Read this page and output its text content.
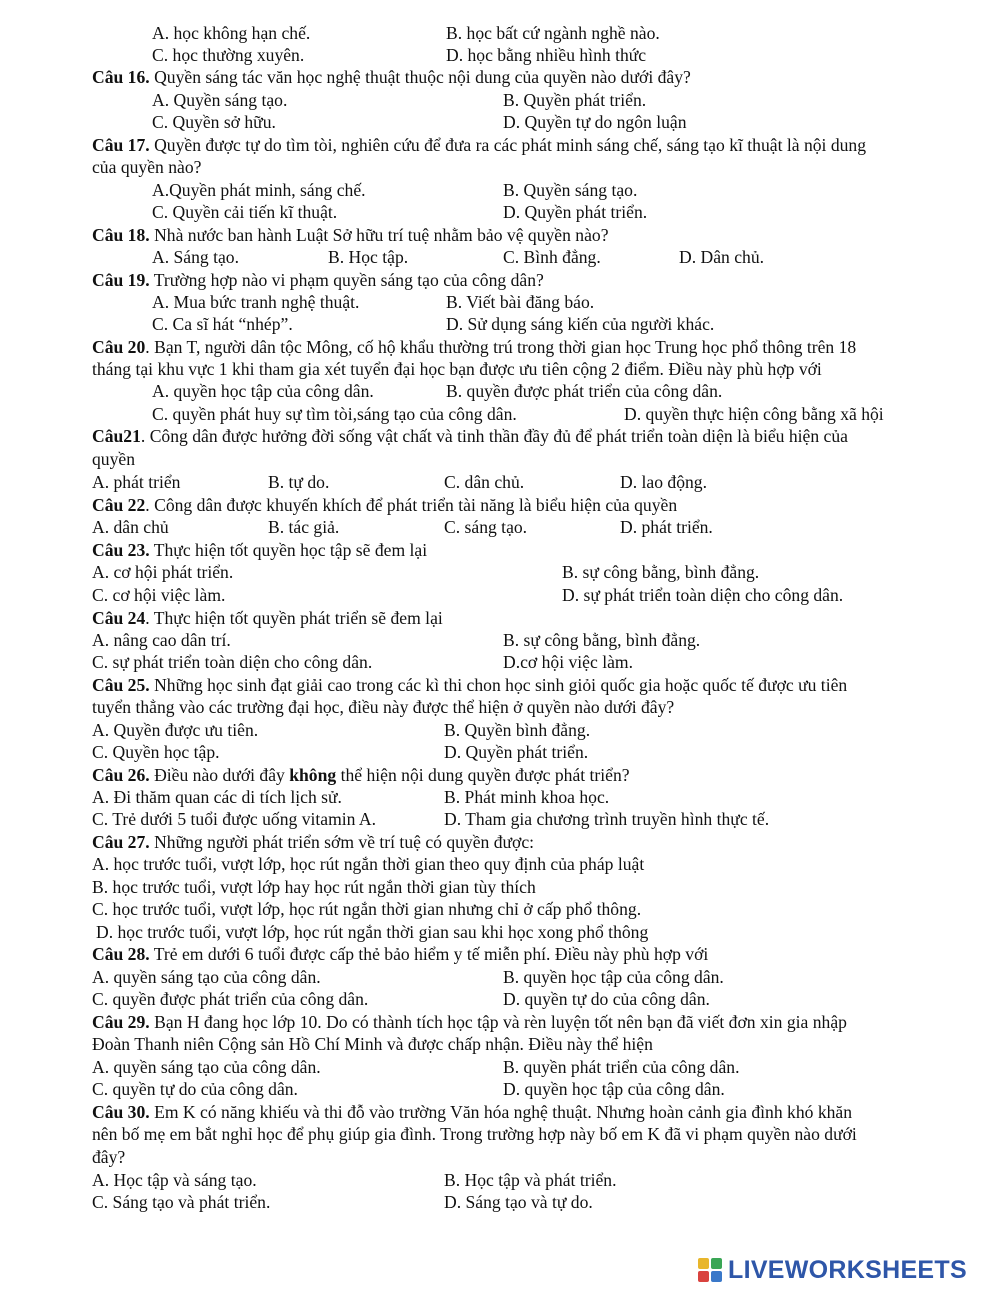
A. học không hạn chế.	B. học bất cứ ngành nghề nào.
C. học thường xuyên.	D. học bằng nhiều hình thức
Câu 16. Quyền sáng tác văn học nghệ thuật thuộc nội dung của quyền nào dưới đây?
A. Quyền sáng tạo.	B. Quyền phát triển.
C. Quyền sở hữu.	D. Quyền tự do ngôn luận
Câu 17. Quyền được tự do tìm tòi, nghiên cứu để đưa ra các phát minh sáng chế, sáng tạo kĩ thuật là nội dung
của quyền nào?
A.Quyền phát minh, sáng chế.	B. Quyền sáng tạo.
C. Quyền cải tiến kĩ thuật.	D. Quyền phát triển.
Câu 18. Nhà nước ban hành Luật Sở hữu trí tuệ nhằm bảo vệ quyền nào?
A. Sáng tạo.	B. Học tập.	C. Bình đẳng.	D. Dân chủ.
Câu 19. Trường hợp nào vi phạm quyền sáng tạo của công dân?
A. Mua bức tranh nghệ thuật.	B. Viết bài đăng báo.
C. Ca sĩ hát “nhép”.	D. Sử dụng sáng kiến của người khác.
Câu 20. Bạn T, người dân tộc Mông, cố hộ khẩu thường trú trong thời gian học Trung học phổ thông trên 18
tháng tại khu vực 1 khi tham gia xét tuyển đại học bạn được ưu tiên cộng 2 điểm. Điều này phù hợp với
A. quyền học tập của công dân.	B. quyền được phát triển của công dân.
C. quyền phát huy sự tìm tòi,sáng tạo của công dân.	D. quyền thực hiện công bằng xã hội
Câu21. Công dân được hưởng đời sống vật chất và tinh thần đầy đủ để phát triển toàn diện là biểu hiện của
quyền
A. phát triển	B. tự do.	C. dân chủ.	D. lao động.
Câu 22. Công dân được khuyến khích để phát triển tài năng là biểu hiện của quyền
A. dân chủ	B. tác giả.	C. sáng tạo.	D. phát triển.
Câu 23. Thực hiện tốt quyền học tập sẽ đem lại
A. cơ hội phát triển.	B. sự công bằng, bình đẳng.
C. cơ hội việc làm.	D. sự phát triển toàn diện cho công dân.
Câu 24. Thực hiện tốt quyền phát triển sẽ đem lại
A. nâng cao dân trí.	B. sự công bằng, bình đẳng.
C. sự phát triển toàn diện cho công dân.	D.cơ hội việc làm.
Câu 25. Những học sinh đạt giải cao trong các kì thi chon học sinh giỏi quốc gia hoặc quốc tế được ưu tiên
tuyển thẳng vào các trường đại học, điều này được thể hiện ở quyền nào dưới đây?
A. Quyền được ưu tiên.	B. Quyền bình đẳng.
C. Quyền học tập.	D. Quyền phát triển.
Câu 26. Điều nào dưới đây không thể hiện nội dung quyền được phát triển?
A. Đi thăm quan các di tích lịch sử.	B. Phát minh khoa học.
C. Trẻ dưới 5 tuổi được uống vitamin A.	D. Tham gia chương trình truyền hình thực tế.
Câu 27. Những người phát triển sớm về trí tuệ có quyền được:
A. học trước tuổi, vượt lớp, học rút ngắn thời gian theo quy định của pháp luật
B. học trước tuổi, vượt lớp hay học rút ngắn thời gian tùy thích
C. học trước tuổi, vượt lớp, học rút ngắn thời gian nhưng chỉ ở cấp phổ thông.
D. học trước tuổi, vượt lớp, học rút ngắn thời gian sau khi học xong phổ thông
Câu 28. Trẻ em dưới 6 tuổi được cấp thẻ bảo hiểm y tế miễn phí. Điều này phù hợp với
A. quyền sáng tạo của công dân.	B. quyền học tập của công dân.
C. quyền được phát triển của công dân.	D. quyền tự do của công dân.
Câu 29. Bạn H đang học lớp 10. Do có thành tích học tập và rèn luyện tốt nên bạn đã viết đơn xin gia nhập
Đoàn Thanh niên Cộng sản Hồ Chí Minh và được chấp nhận. Điều này thể hiện
A. quyền sáng tạo của công dân.	B. quyền phát triển của công dân.
C. quyền tự do của công dân.	D. quyền học tập của công dân.
Câu 30. Em K có năng khiếu và thi đỗ vào trường Văn hóa nghệ thuật. Nhưng hoàn cảnh gia đình khó khăn
nên bố mẹ em bắt nghỉ học để phụ giúp gia đình. Trong trường hợp này bố em K đã vi phạm quyền nào dưới
đây?
A. Học tập và sáng tạo.	B. Học tập và phát triển.
C. Sáng tạo và phát triển.	D. Sáng tạo và tự do.
LIVEWORKSHEETS
